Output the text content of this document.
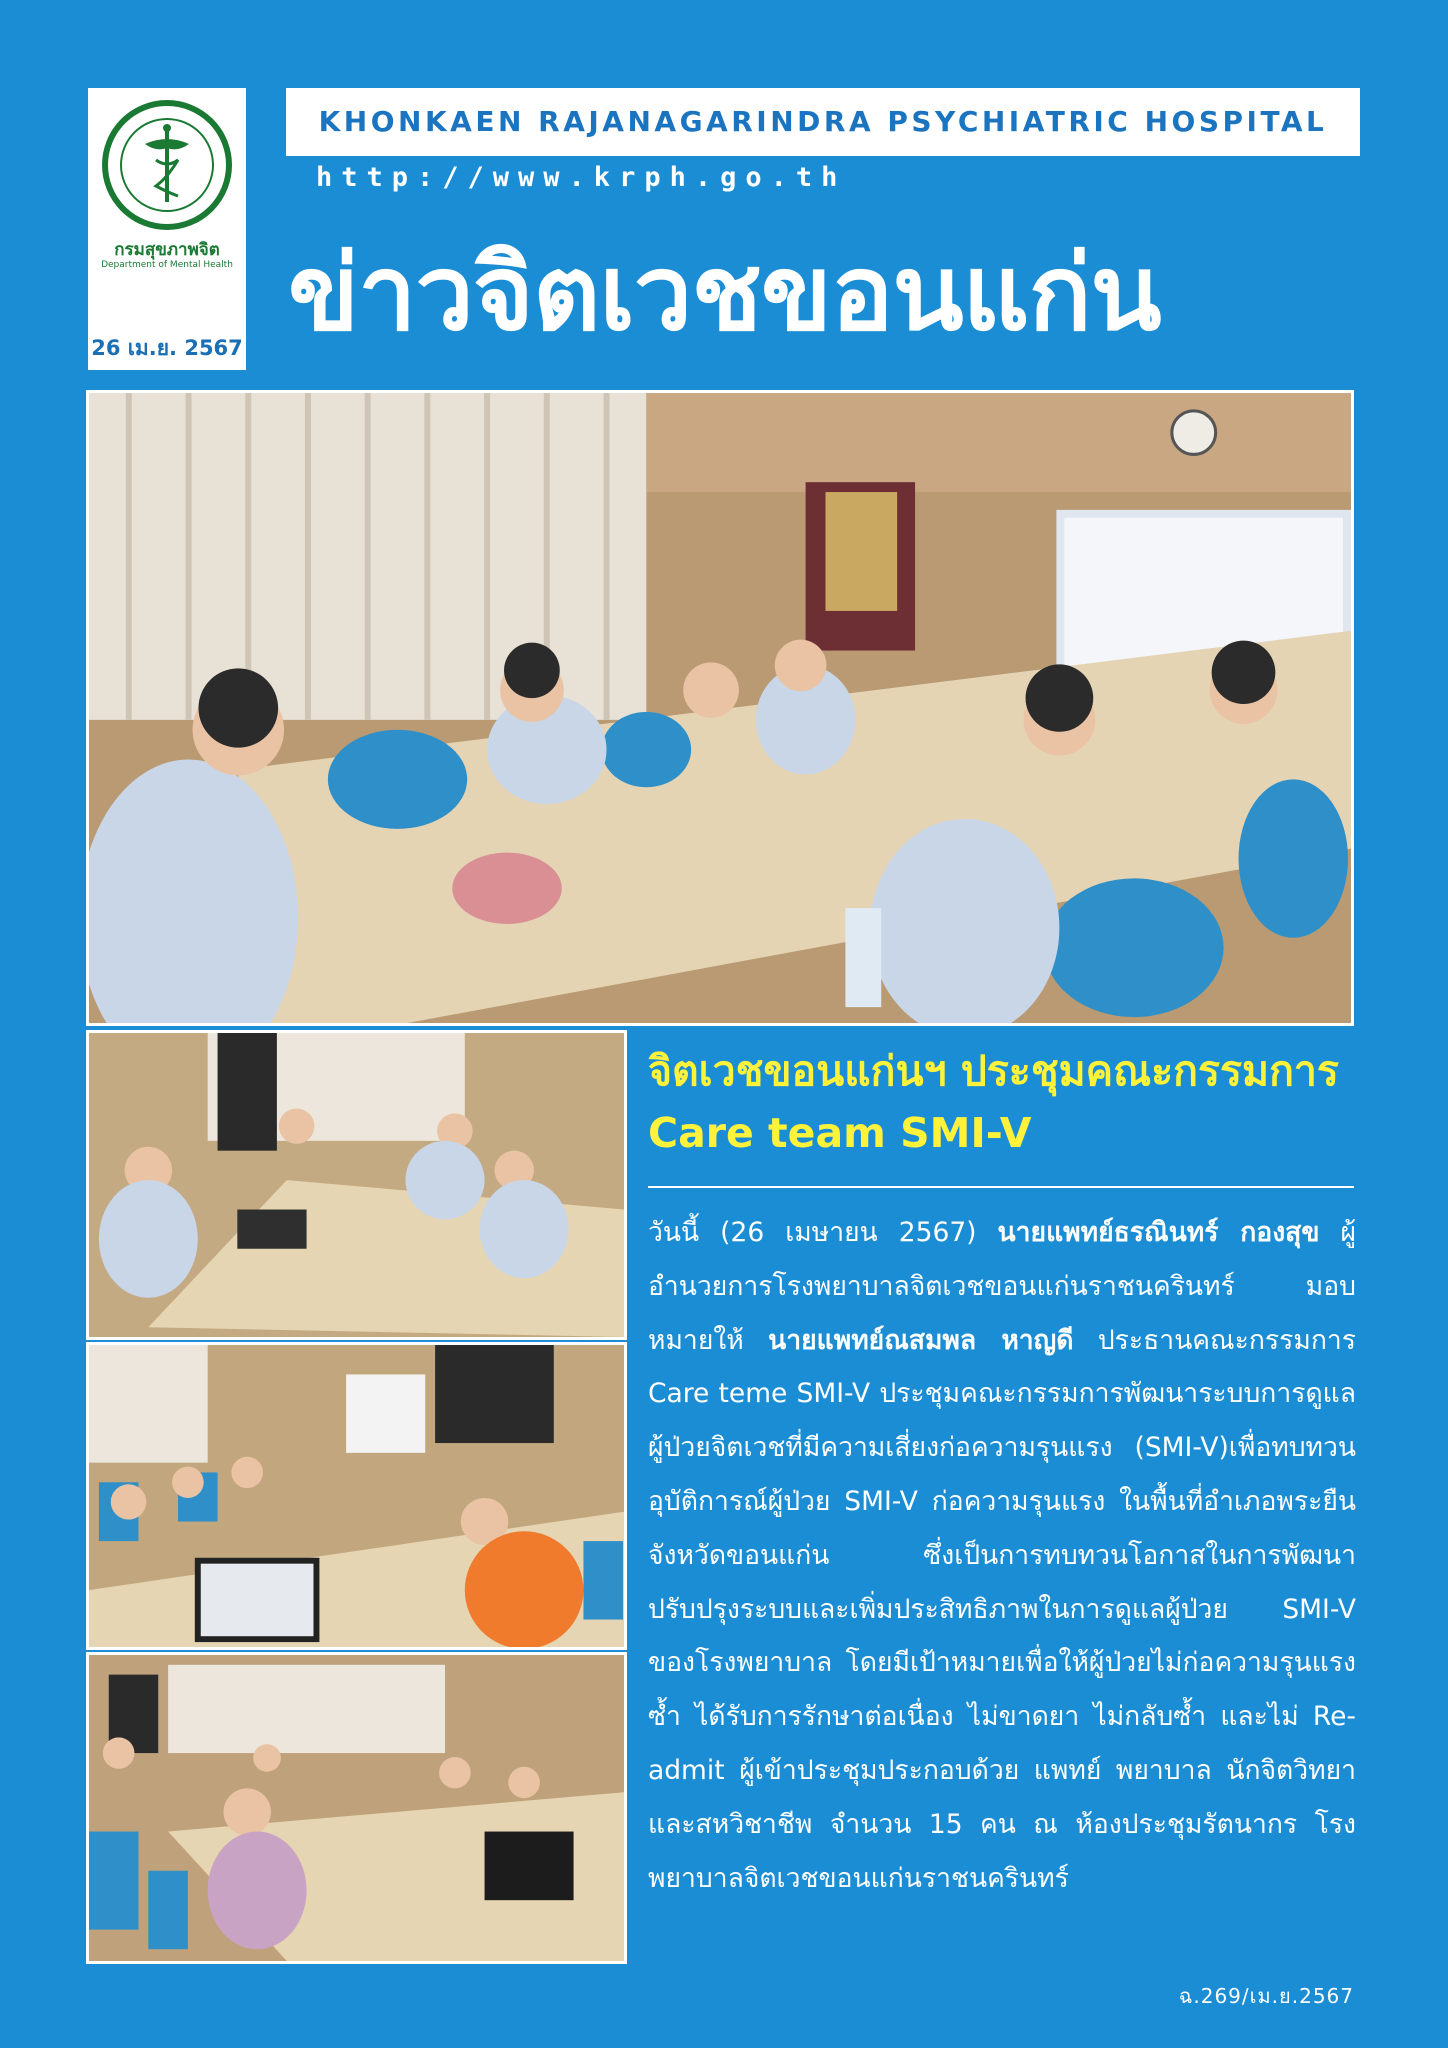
กรมสุขภาพจิต
Department of Mental Health
26 เม.ย. 2567
KHONKAEN RAJANAGARINDRA PSYCHIATRIC HOSPITAL
http://www.krph.go.th
ข่าวจิตเวชขอนแก่น
จิตเวชขอนแก่นฯ ประชุมคณะกรรมการ
Care team SMI-V
วันนี้ (26 เมษายน 2567) นายแพทย์ธรณินทร์ กองสุข ผู้อำนวยการโรงพยาบาลจิตเวชขอนแก่นราชนครินทร์ มอบหมายให้ นายแพทย์ณสมพล หาญดี ประธานคณะกรรมการ Care teme SMI-V ประชุมคณะกรรมการพัฒนาระบบการดูแลผู้ป่วยจิตเวชที่มีความเสี่ยงก่อความรุนแรง (SMI-V)เพื่อทบทวนอุบัติการณ์ผู้ป่วย SMI-V ก่อความรุนแรง ในพื้นที่อำเภอพระยืน จังหวัดขอนแก่น ซึ่งเป็นการทบทวนโอกาสในการพัฒนาปรับปรุงระบบและเพิ่มประสิทธิภาพในการดูแลผู้ป่วย SMI-V ของโรงพยาบาล โดยมีเป้าหมายเพื่อให้ผู้ป่วยไม่ก่อความรุนแรงซ้ำ ได้รับการรักษาต่อเนื่อง ไม่ขาดยา ไม่กลับซ้ำ และไม่ Re-admit ผู้เข้าประชุมประกอบด้วย แพทย์ พยาบาล นักจิตวิทยาและสหวิชาชีพ จำนวน 15 คน ณ ห้องประชุมรัตนากร โรงพยาบาลจิตเวชขอนแก่นราชนครินทร์
ฉ.269/เม.ย.2567
